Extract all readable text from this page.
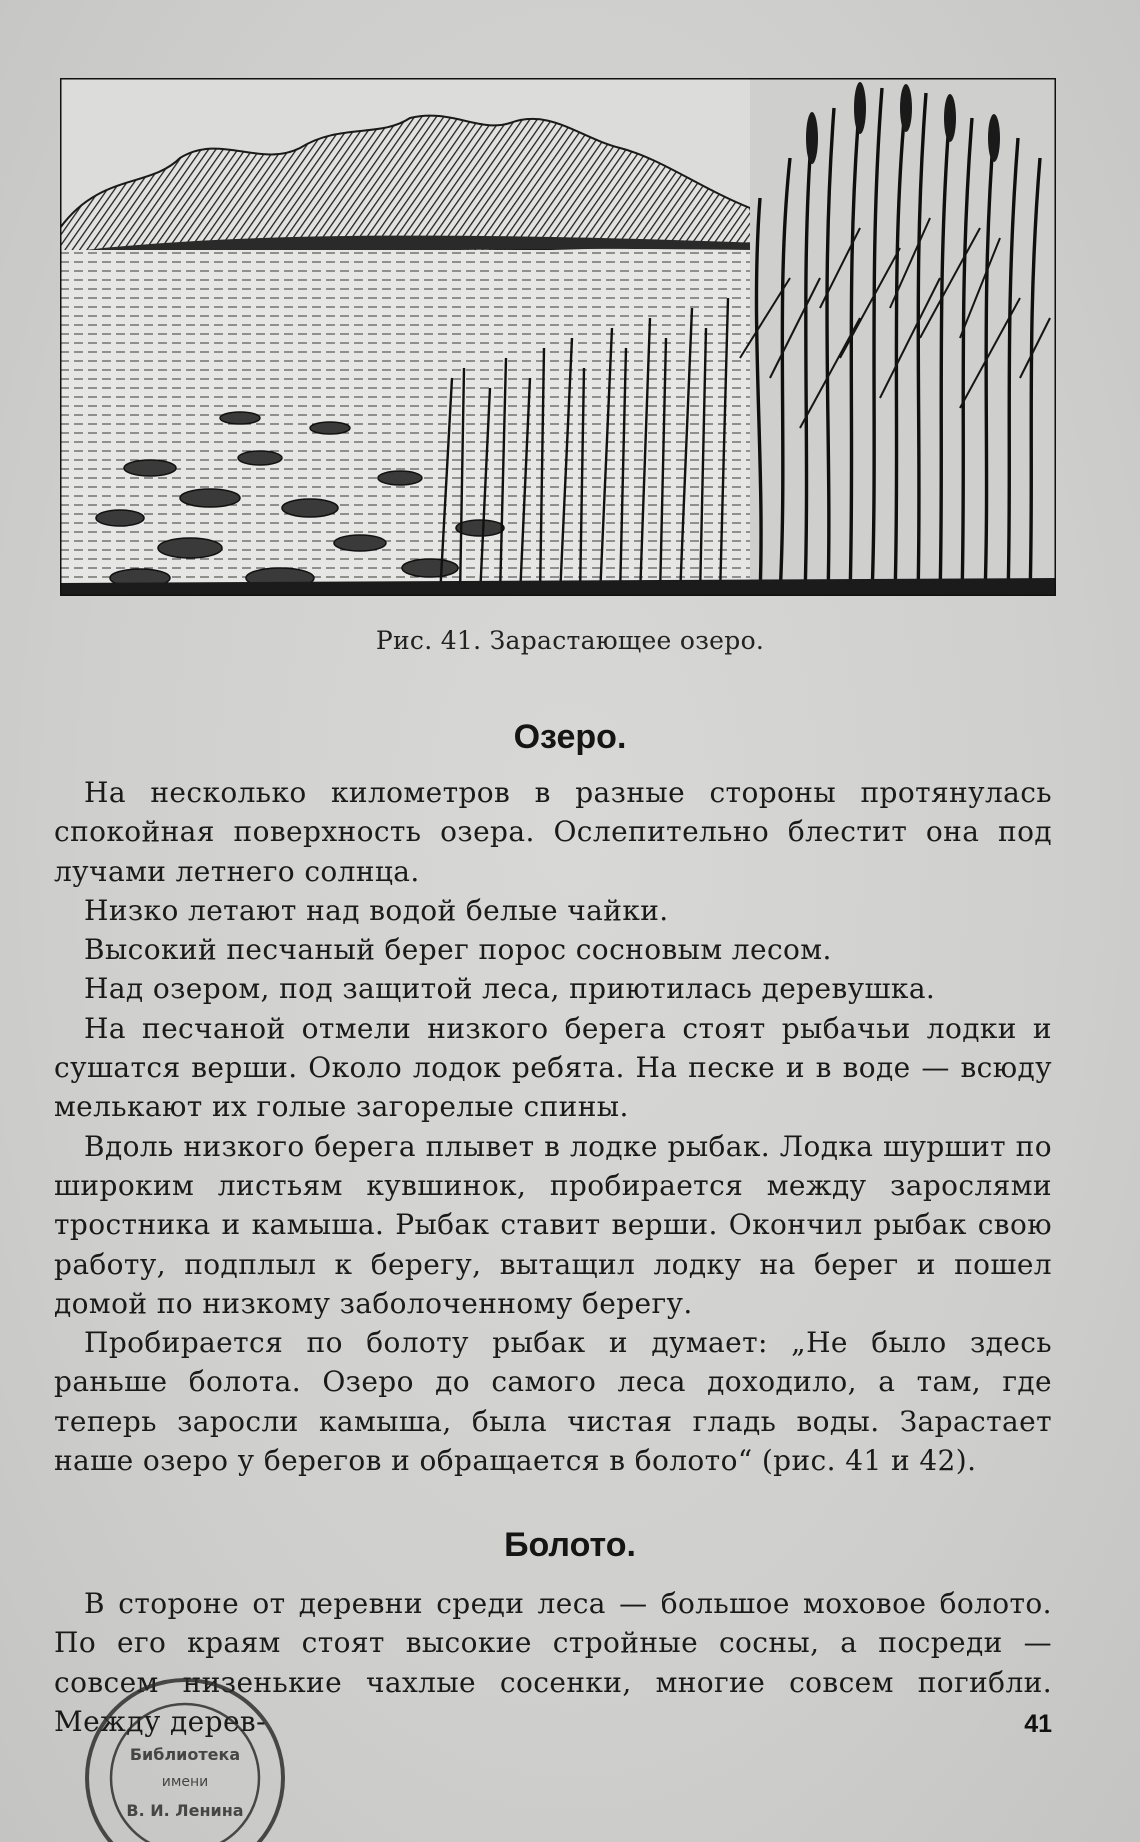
Рис. 41. Зарастающее озеро.
Озеро.

На несколько километров в разные стороны протянулась спокойная поверхность озера. Ослепительно блестит она под лучами летнего солнца.

Низко летают над водой белые чайки.

Высокий песчаный берег порос сосновым лесом.

Над озером, под защитой леса, приютилась деревушка.

На песчаной отмели низкого берега стоят рыбачьи лодки и сушатся верши. Около лодок ребята. На песке и в воде — всюду мелькают их голые загорелые спины.

Вдоль низкого берега плывет в лодке рыбак. Лодка шуршит по широким листьям кувшинок, пробирается между зарослями тростника и камыша. Рыбак ставит верши. Окончил рыбак свою работу, подплыл к берегу, вытащил лодку на берег и пошел домой по низкому заболоченному берегу.

Пробирается по болоту рыбак и думает: „Не было здесь раньше болота. Озеро до самого леса доходило, а там, где теперь заросли камыша, была чистая гладь воды. Зарастает наше озеро у берегов и обращается в болото“ (рис. 41 и 42).

Болото.

В стороне от деревни среди леса — большое моховое болото. По его краям стоят высокие стройные сосны, а посреди — совсем низенькие чахлые сосенки, многие совсем погибли. Между дерев-	41
Библиотека
имени
В. И. Ленина
